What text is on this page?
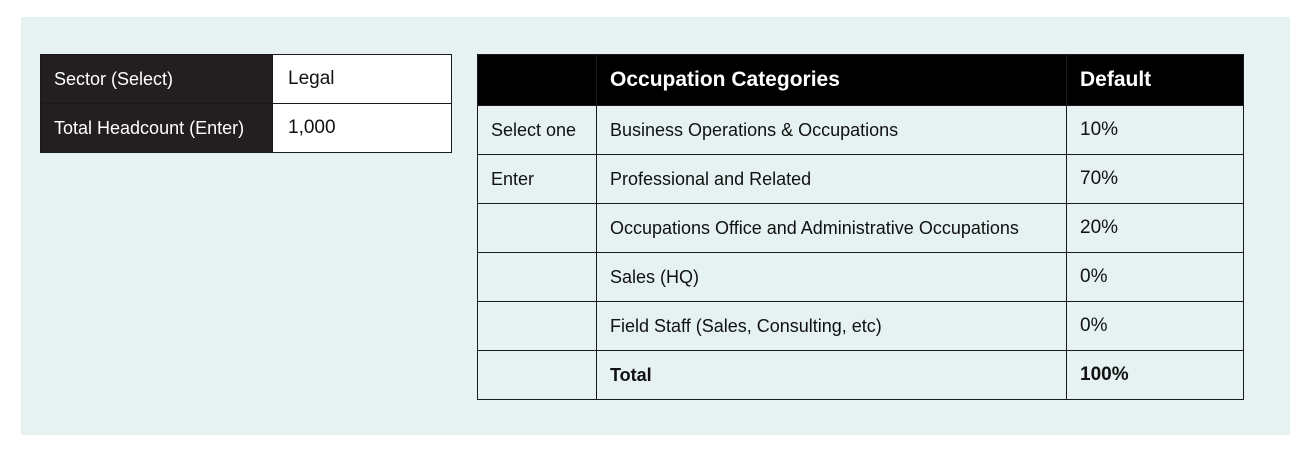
Sector (Select)	Legal
Total Headcount (Enter)	1,000
	Occupation Categories	Default
Select one	Business Operations & Occupations	10%
Enter	Professional and Related	70%
	Occupations Office and Administrative Occupations	20%
	Sales (HQ)	0%
	Field Staff (Sales, Consulting, etc)	0%
	Total	100%
